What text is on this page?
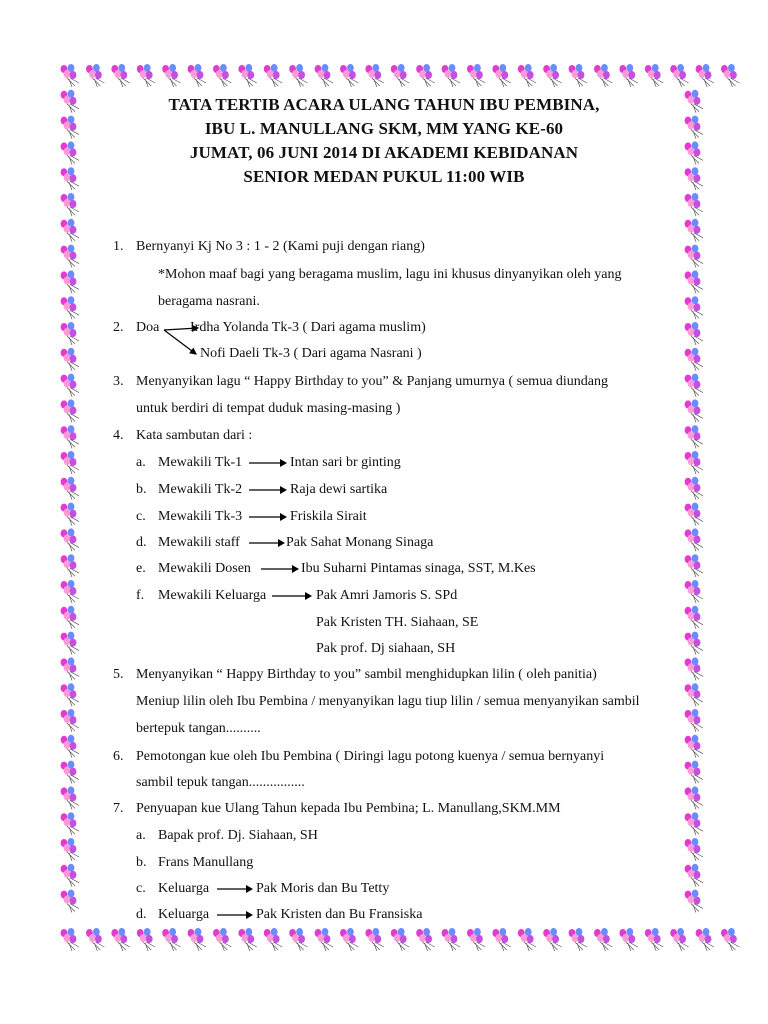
TATA TERTIB ACARA ULANG TAHUN IBU PEMBINA,
IBU L. MANULLANG SKM, MM YANG KE-60
JUMAT, 06 JUNI 2014 DI AKADEMI KEBIDANAN
SENIOR MEDAN PUKUL 11:00 WIB
1. Bernyanyi Kj No 3 : 1 - 2 (Kami puji dengan riang)
*Mohon maaf bagi yang beragama muslim, lagu ini khusus dinyanyikan oleh yang
beragama nasrani.
2. Doa Irdha Yolanda Tk-3 ( Dari agama muslim)
Nofi Daeli Tk-3 ( Dari agama Nasrani )
3. Menyanyikan lagu “ Happy Birthday to you” & Panjang umurnya ( semua diundang
untuk berdiri di tempat duduk masing-masing )
4. Kata sambutan dari :
a. Mewakili Tk-1	Intan sari br ginting
b. Mewakili Tk-2	Raja dewi sartika
c. Mewakili Tk-3	Friskila Sirait
d. Mewakili staff	Pak Sahat Monang Sinaga
e. Mewakili Dosen	Ibu Suharni Pintamas sinaga, SST, M.Kes
f. Mewakili Keluarga	Pak Amri Jamoris S. SPd
Pak Kristen TH. Siahaan, SE
Pak prof. Dj siahaan, SH
5. Menyanyikan “ Happy Birthday to you” sambil menghidupkan lilin ( oleh panitia)
Meniup lilin oleh Ibu Pembina / menyanyikan lagu tiup lilin / semua menyanyikan sambil
bertepuk tangan..........
6. Pemotongan kue oleh Ibu Pembina ( Diringi lagu potong kuenya / semua bernyanyi
sambil tepuk tangan................
7. Penyuapan kue Ulang Tahun kepada Ibu Pembina; L. Manullang,SKM.MM
a. Bapak prof. Dj. Siahaan, SH
b. Frans Manullang
c. Keluarga	Pak Moris dan Bu Tetty
d. Keluarga	Pak Kristen dan Bu Fransiska
